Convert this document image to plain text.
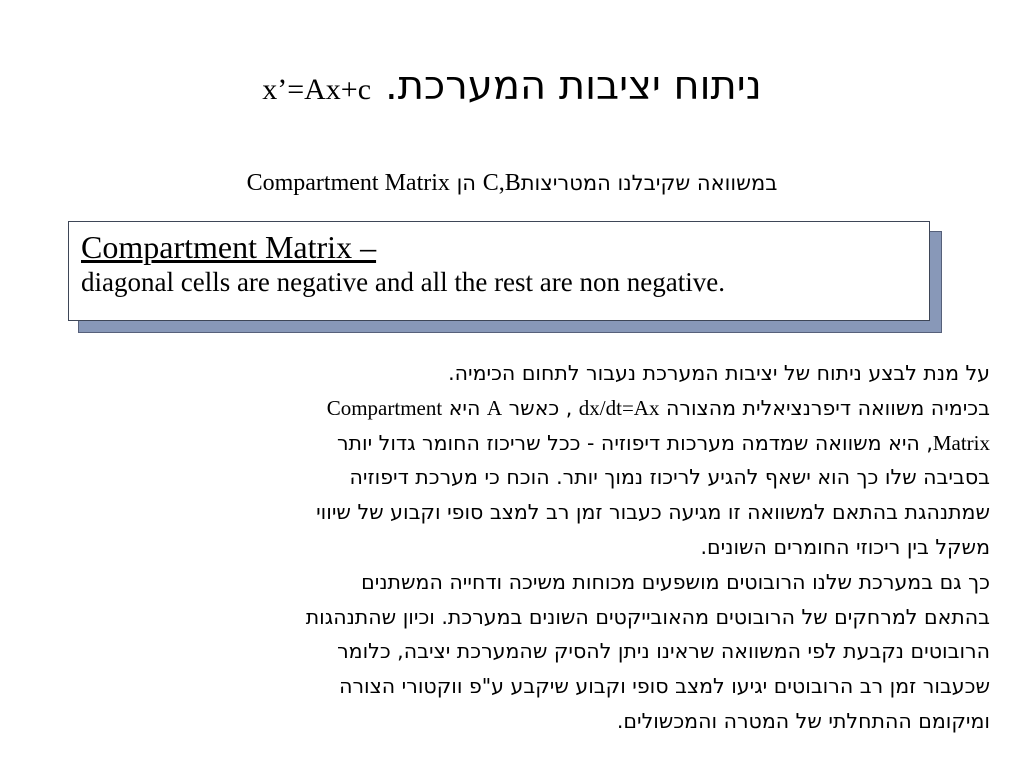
x’=Ax+c ניתוח יציבות המערכת.
Compartment Matrix הן C,Bבמשוואה שקיבלנו המטריצות
Compartment Matrix –
diagonal cells are negative and all the rest are non negative.
על מנת לבצע ניתוח של יציבות המערכת נעבור לתחום הכימיה.
בכימיה משוואה דיפרנציאלית מהצורה dx/dt=Ax , כאשר A היא Compartment
Matrix, היא משוואה שמדמה מערכות דיפוזיה - ככל שריכוז החומר גדול יותר
בסביבה שלו כך הוא ישאף להגיע לריכוז נמוך יותר. הוכח כי מערכת דיפוזיה
שמתנהגת בהתאם למשוואה זו מגיעה כעבור זמן רב למצב סופי וקבוע של שיווי
משקל בין ריכוזי החומרים השונים.
כך גם במערכת שלנו הרובוטים מושפעים מכוחות משיכה ודחייה המשתנים
בהתאם למרחקים של הרובוטים מהאובייקטים השונים במערכת. וכיון שהתנהגות
הרובוטים נקבעת לפי המשוואה שראינו ניתן להסיק שהמערכת יציבה, כלומר
שכעבור זמן רב הרובוטים יגיעו למצב סופי וקבוע שיקבע ע"פ ווקטורי הצורה
ומיקומם ההתחלתי של המטרה והמכשולים.
